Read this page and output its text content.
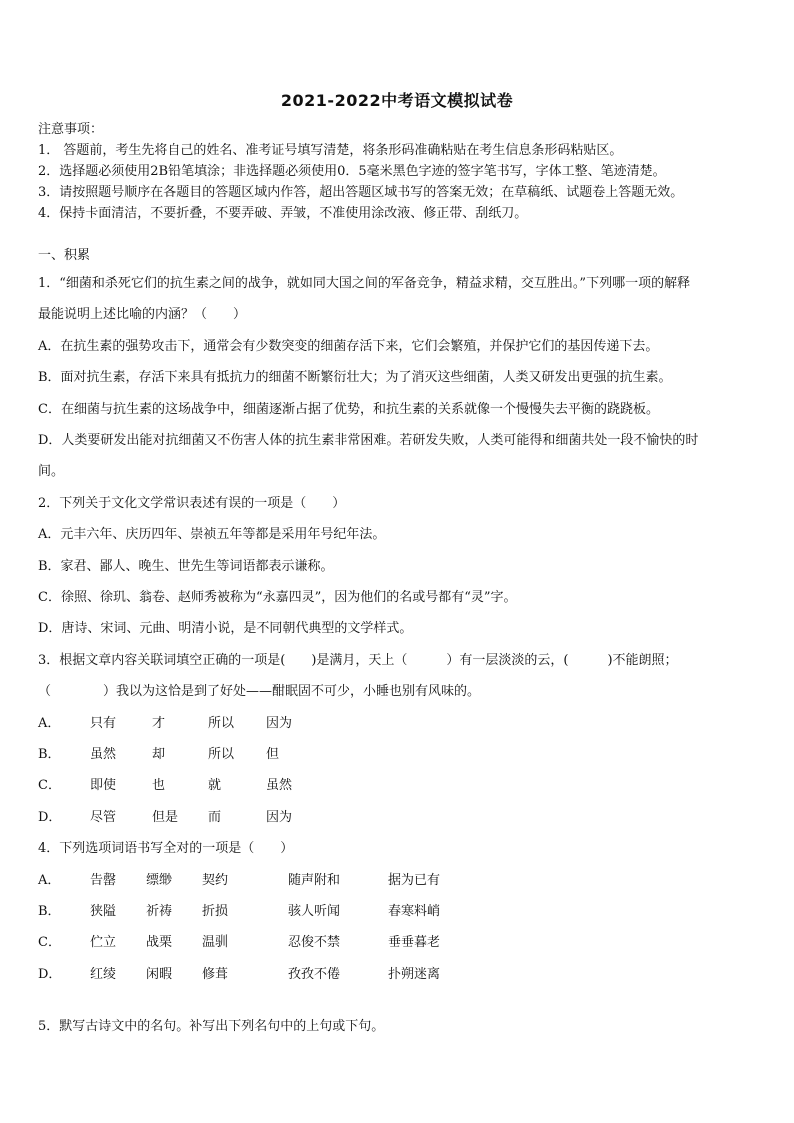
2021-2022中考语文模拟试卷
注意事项：
1． 答题前，考生先将自己的姓名、准考证号填写清楚，将条形码准确粘贴在考生信息条形码粘贴区。
2．选择题必须使用2B铅笔填涂；非选择题必须使用0．5毫米黑色字迹的签字笔书写，字体工整、笔迹清楚。
3．请按照题号顺序在各题目的答题区域内作答，超出答题区域书写的答案无效；在草稿纸、试题卷上答题无效。
4．保持卡面清洁，不要折叠，不要弄破、弄皱，不准使用涂改液、修正带、刮纸刀。
一、积累
1．“细菌和杀死它们的抗生素之间的战争，就如同大国之间的军备竞争，精益求精，交互胜出。”下列哪一项的解释
最能说明上述比喻的内涵？（　　）
A．在抗生素的强势攻击下，通常会有少数突变的细菌存活下来，它们会繁殖，并保护它们的基因传递下去。
B．面对抗生素，存活下来具有抵抗力的细菌不断繁衍壮大；为了消灭这些细菌，人类又研发出更强的抗生素。
C．在细菌与抗生素的这场战争中，细菌逐渐占据了优势，和抗生素的关系就像一个慢慢失去平衡的跷跷板。
D．人类要研发出能对抗细菌又不伤害人体的抗生素非常困难。若研发失败，人类可能得和细菌共处一段不愉快的时
间。
2．下列关于文化文学常识表述有误的一项是（　　）
A．元丰六年、庆历四年、崇祯五年等都是采用年号纪年法。
B．家君、鄙人、晚生、世先生等词语都表示谦称。
C．徐照、徐玑、翁卷、赵师秀被称为“永嘉四灵”，因为他们的名或号都有“灵”字。
D．唐诗、宋词、元曲、明清小说，是不同朝代典型的文学样式。
3．根据文章内容关联词填空正确的一项是(　　)是满月，天上（　　　）有一层淡淡的云，(　　　)不能朗照；
（　　　　）我以为这恰是到了好处——酣眠固不可少，小睡也别有风味的。
A．	只有	才	所以	因为
B．	虽然	却	所以	但
C．	即使	也	就	虽然
D．	尽管	但是	而	因为
4．下列选项词语书写全对的一项是（　　）
A．	告罄	缥缈	契约	随声附和	据为已有
B．	狭隘	祈祷	折损	骇人听闻	春寒料峭
C．	伫立	战栗	温驯	忍俊不禁	垂垂暮老
D．	红绫	闲暇	修葺	孜孜不倦	扑朔迷离
5．默写古诗文中的名句。补写出下列名句中的上句或下句。
